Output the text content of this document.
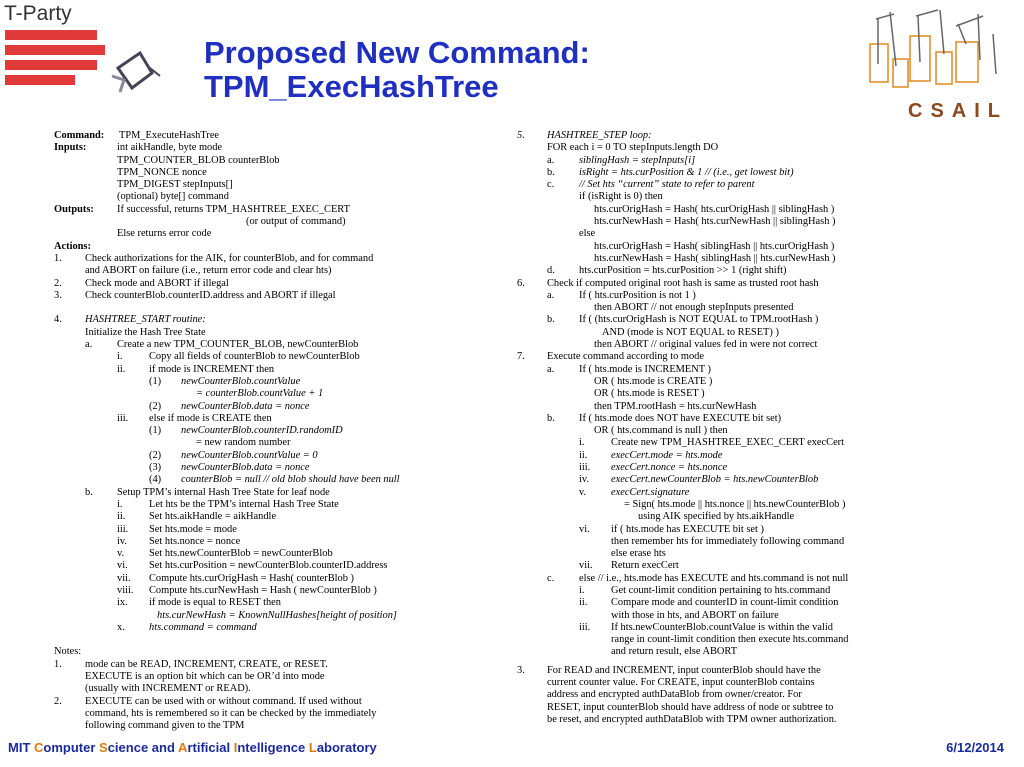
T-Party
Proposed New Command:
TPM_ExecHashTree
CSAIL
Command: TPM_ExecuteHashTree
Inputs:	int aikHandle, byte mode
TPM_COUNTER_BLOB counterBlob
TPM_NONCE nonce
TPM_DIGEST stepInputs[]
(optional) byte[] command
Outputs: If successful, returns TPM_HASHTREE_EXEC_CERT
(or output of command)
Else returns error code
Actions:
1. Check authorizations for the AIK, for counterBlob, and for command
and ABORT on failure (i.e., return error code and clear hts)
2. Check mode and ABORT if illegal
3. Check counterBlob.counterID.address and ABORT if illegal
4. HASHTREE_START routine:
Initialize the Hash Tree State
a. Create a new TPM_COUNTER_BLOB, newCounterBlob
i.	Copy all fields of counterBlob to newCounterBlob
ii. if mode is INCREMENT then
(1) newCounterBlob.countValue
= counterBlob.countValue + 1
(2) newCounterBlob.data = nonce
iii. else if mode is CREATE then
(1) newCounterBlob.counterID.randomID
= new random number
(2) newCounterBlob.countValue = 0
(3) newCounterBlob.data = nonce
(4) counterBlob = null // old blob should have been null
b. Setup TPM’s internal Hash Tree State for leaf node
i.	Let hts be the TPM’s internal Hash Tree State
ii. Set hts.aikHandle = aikHandle
iii. Set hts.mode = mode
iv. Set hts.nonce = nonce
v. Set hts.newCounterBlob = newCounterBlob
vi. Set hts.curPosition = newCounterBlob.counterID.address
vii. Compute hts.curOrigHash = Hash( counterBlob )
viii. Compute hts.curNewHash = Hash ( newCounterBlob )
ix. if mode is equal to RESET then
hts.curNewHash = KnownNullHashes[height of position]
x. hts.command = command
Notes:
1. mode can be READ, INCREMENT, CREATE, or RESET.
EXECUTE is an option bit which can be OR’d into mode
(usually with INCREMENT or READ).
2. EXECUTE can be used with or without command. If used without
command, hts is remembered so it can be checked by the immediately
following command given to the TPM
5. HASHTREE_STEP loop:
FOR each i = 0 TO stepInputs.length DO
a. siblingHash = stepInputs[i]
b. isRight = hts.curPosition & 1 // (i.e., get lowest bit)
c. // Set hts “current” state to refer to parent
if (isRight is 0) then
hts.curOrigHash = Hash( hts.curOrigHash || siblingHash )
hts.curNewHash = Hash( hts.curNewHash || siblingHash )
else
hts.curOrigHash = Hash( siblingHash || hts.curOrigHash )
hts.curNewHash = Hash( siblingHash || hts.curNewHash )
d. hts.curPosition = hts.curPosition >> 1 (right shift)
6. Check if computed original root hash is same as trusted root hash
a. If ( hts.curPosition is not 1 )
then ABORT // not enough stepInputs presented
b. If ( (hts.curOrigHash is NOT EQUAL to TPM.rootHash )
AND (mode is NOT EQUAL to RESET) )
then ABORT // original values fed in were not correct
7. Execute command according to mode
a. If ( hts.mode is INCREMENT )
OR ( hts.mode is CREATE )
OR ( hts.mode is RESET )
then TPM.rootHash = hts.curNewHash
b. If ( hts.mode does NOT have EXECUTE bit set)
OR ( hts.command is null ) then
i.	Create new TPM_HASHTREE_EXEC_CERT execCert
ii. execCert.mode = hts.mode
iii. execCert.nonce = hts.nonce
iv. execCert.newCounterBlob = hts.newCounterBlob
v. execCert.signature
= Sign( hts.mode || hts.nonce || hts.newCounterBlob )
using AIK specified by hts.aikHandle
vi. if ( hts.mode has EXECUTE bit set )
then remember hts for immediately following command
else erase hts
vii. Return execCert
c. else // i.e., hts.mode has EXECUTE and hts.command is not null
i.	Get count-limit condition pertaining to hts.command
ii. Compare mode and counterID in count-limit condition
with those in hts, and ABORT on failure
iii. If hts.newCounterBlob.countValue is within the valid
range in count-limit condition then execute hts.command
and return result, else ABORT
3. For READ and INCREMENT, input counterBlob should have the
current counter value. For CREATE, input counterBlob contains
address and encrypted authDataBlob from owner/creator. For
RESET, input counterBlob should have address of node or subtree to
be reset, and encrypted authDataBlob with TPM owner authorization.
MIT Computer Science and Artificial Intelligence Laboratory	6/12/2014
